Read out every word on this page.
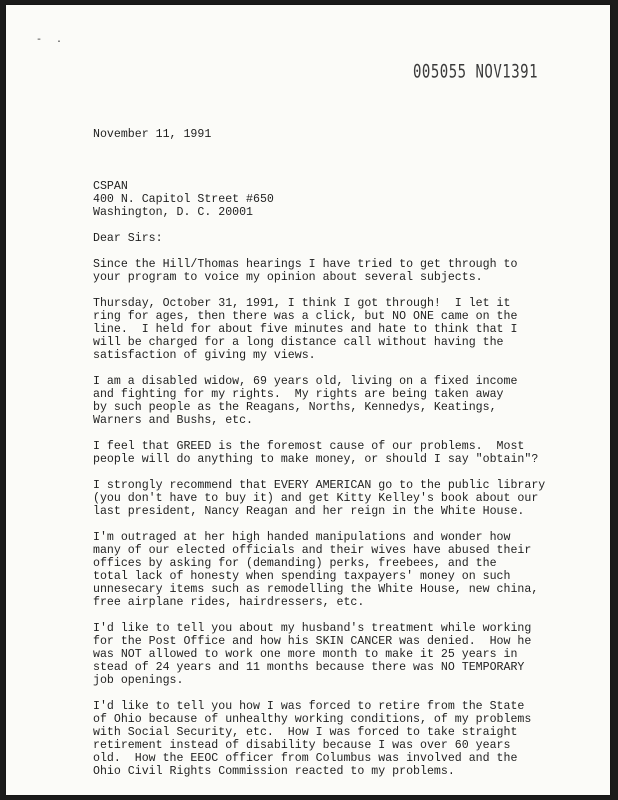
- .
005055 NOV1391

November 11, 1991

CSPAN

400 N. Capitol Street #650

Washington, D. C. 20001

Dear Sirs:

Since the Hill/Thomas hearings I have tried to get through to
your program to voice my opinion about several subjects.

Thursday, October 31, 1991, I think I got through!  I let it
ring for ages, then there was a click, but NO ONE came on the
line.  I held for about five minutes and hate to think that I
will be charged for a long distance call without having the
satisfaction of giving my views.

I am a disabled widow, 69 years old, living on a fixed income
and fighting for my rights.  My rights are being taken away
by such people as the Reagans, Norths, Kennedys, Keatings,
Warners and Bushs, etc.

I feel that GREED is the foremost cause of our problems.  Most
people will do anything to make money, or should I say "obtain"?

I strongly recommend that EVERY AMERICAN go to the public library
(you don't have to buy it) and get Kitty Kelley's book about our
last president, Nancy Reagan and her reign in the White House.

I'm outraged at her high handed manipulations and wonder how
many of our elected officials and their wives have abused their
offices by asking for (demanding) perks, freebees, and the
total lack of honesty when spending taxpayers' money on such
unnesecary items such as remodelling the White House, new china,
free airplane rides, hairdressers, etc.

I'd like to tell you about my husband's treatment while working
for the Post Office and how his SKIN CANCER was denied.  How he
was NOT allowed to work one more month to make it 25 years in
stead of 24 years and 11 months because there was NO TEMPORARY
job openings.

I'd like to tell you how I was forced to retire from the State
of Ohio because of unhealthy working conditions, of my problems
with Social Security, etc.  How I was forced to take straight
retirement instead of disability because I was over 60 years
old.  How the EEOC officer from Columbus was involved and the
Ohio Civil Rights Commission reacted to my problems.
